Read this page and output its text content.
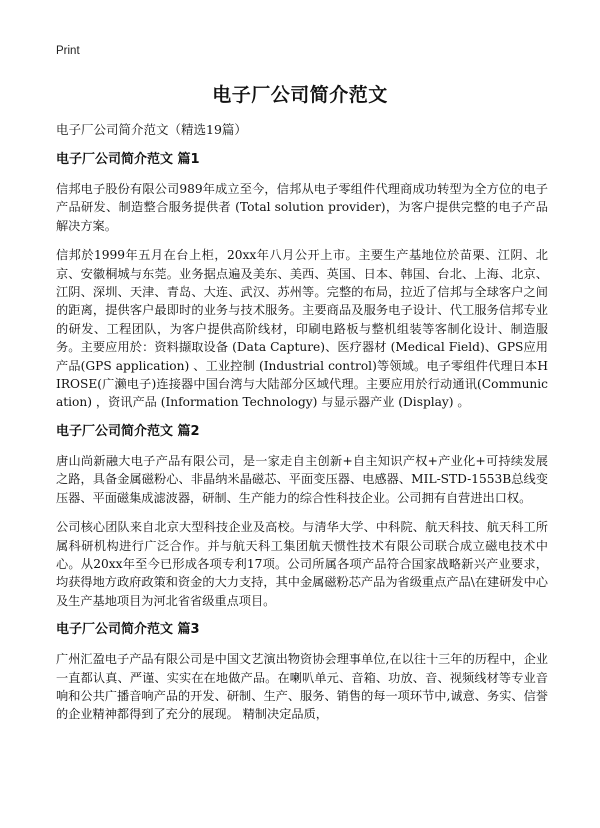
Print
电子厂公司简介范文

电子厂公司简介范文（精选19篇）

电子厂公司简介范文 篇1

信邦电子股份有限公司989年成立至今，信邦从电子零组件代理商成功转型为全方位的电子产品研发、制造整合服务提供者 (Total solution provider)，为客户提供完整的电子产品解决方案。

信邦於1999年五月在台上柜，20xx年八月公开上市。主要生产基地位於苗栗、江阴、北京、安徽桐城与东莞。业务据点遍及美东、美西、英国、日本、韩国、台北、上海、北京、江阴、深圳、天津、青岛、大连、武汉、苏州等。完整的布局，拉近了信邦与全球客户之间的距离，提供客户最即时的业务与技术服务。主要商品及服务电子设计、代工服务信邦专业的研发、工程团队，为客户提供高阶线材，印刷电路板与整机组装等客制化设计、制造服务。主要应用於：资料撷取设备 (Data Capture)、医疗器材 (Medical Field)、GPS应用产品(GPS application) 、工业控制 (Industrial control)等领域。电子零组件代理日本HIROSE(广濑电子)连接器中国台湾与大陆部分区域代理。主要应用於行动通讯(Communication) ，资讯产品 (Information Technology) 与显示器产业 (Display) 。

电子厂公司简介范文 篇2

唐山尚新融大电子产品有限公司，是一家走自主创新+自主知识产权+产业化+可持续发展之路，具备金属磁粉心、非晶纳米晶磁芯、平面变压器、电感器、MIL-STD-1553B总线变压器、平面磁集成滤波器，研制、生产能力的综合性科技企业。公司拥有自营进出口权。

公司核心团队来自北京大型科技企业及高校。与清华大学、中科院、航天科技、航天科工所属科研机构进行广泛合作。并与航天科工集团航天惯性技术有限公司联合成立磁电技术中心。从20xx年至今已形成各项专利17项。公司所属各项产品符合国家战略新兴产业要求，均获得地方政府政策和资金的大力支持，其中金属磁粉芯产品为省级重点产品\在建研发中心及生产基地项目为河北省省级重点项目。

电子厂公司简介范文 篇3

广州汇盈电子产品有限公司是中国文艺演出物资协会理事单位,在以往十三年的历程中，企业一直都认真、严谨、实实在在地做产品。在喇叭单元、音箱、功放、音、视频线材等专业音响和公共广播音响产品的开发、研制、生产、服务、销售的每一项环节中,诚意、务实、信誉的企业精神都得到了充分的展现。 精制决定品质，
